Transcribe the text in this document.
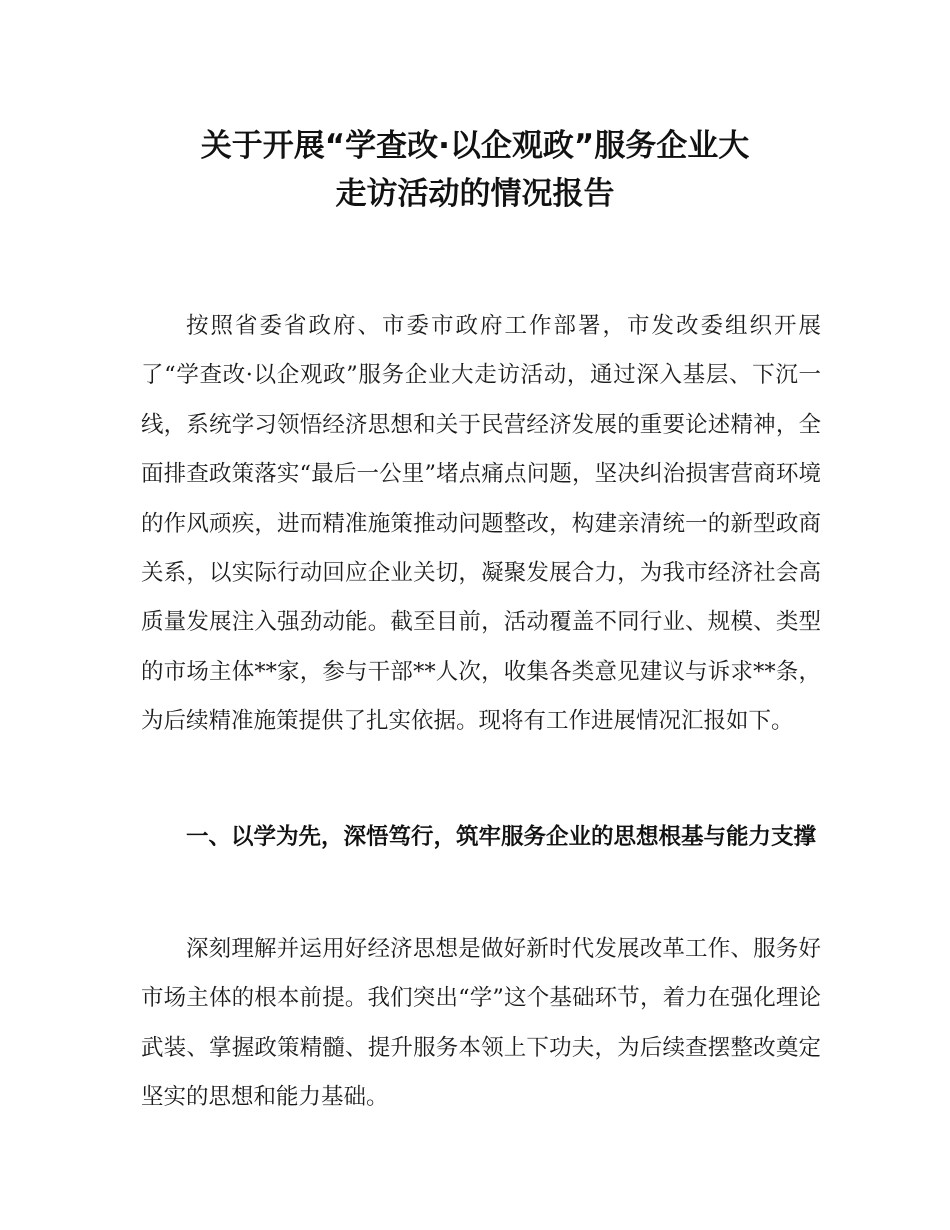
关于开展“学查改·以企观政”服务企业大
走访活动的情况报告

按照省委省政府、市委市政府工作部署，市发改委组织开展了“学查改·以企观政”服务企业大走访活动，通过深入基层、下沉一线，系统学习领悟经济思想和关于民营经济发展的重要论述精神，全面排查政策落实“最后一公里”堵点痛点问题，坚决纠治损害营商环境的作风顽疾，进而精准施策推动问题整改，构建亲清统一的新型政商关系，以实际行动回应企业关切，凝聚发展合力，为我市经济社会高质量发展注入强劲动能。截至目前，活动覆盖不同行业、规模、类型的市场主体**家，参与干部**人次，收集各类意见建议与诉求**条，为后续精准施策提供了扎实依据。现将有工作进展情况汇报如下。

一、以学为先，深悟笃行，筑牢服务企业的思想根基与能力支撑

深刻理解并运用好经济思想是做好新时代发展改革工作、服务好市场主体的根本前提。我们突出“学”这个基础环节，着力在强化理论武装、掌握政策精髓、提升服务本领上下功夫，为后续查摆整改奠定坚实的思想和能力基础。
